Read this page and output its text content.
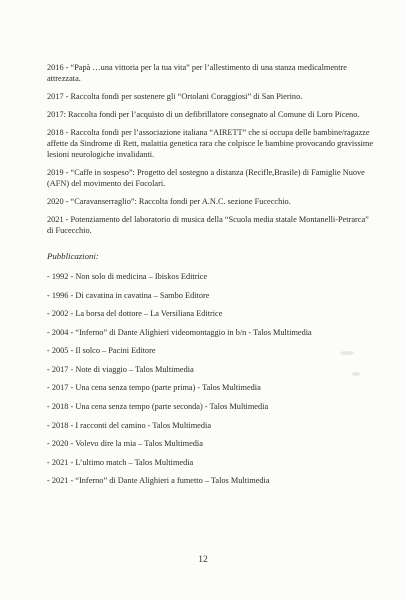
2016 - “Papà …una vittoria per la tua vita” per l’allestimento di una stanza medicalmentre attrezzata.

2017 - Raccolta fondi per sostenere gli “Ortolani Coraggiosi” di San Pierino.

2017: Raccolta fondi per l’acquisto di un defibrillatore consegnato al Comune di Loro Piceno.

2018 - Raccolta fondi per l’associazione italiana “AIRETT” che si occupa delle bambine/ragazze affette da Sindrome di Rett, malattia genetica rara che colpisce le bambine provocando gravissime lesioni neurologiche invalidanti.

2019 - “Caffe in sospeso”: Progetto del sostegno a distanza (Recifle,Brasile) di Famiglie Nuove (AFN) del movimento dei Focolari.

2020 - “Caravanserraglio”: Raccolta fondi per A.N.C. sezione Fucecchio.

2021 - Potenziamento del laboratorio di musica della “Scuola media statale Montanelli-Petrarca” di Fucecchio.

Pubblicazioni:

- 1992 - Non solo di medicina – Ibiskos Editrice

- 1996 - Di cavatina in cavatina – Sambo Editore

- 2002 - La borsa del dottore – La Versiliana Editrice

- 2004 - “Inferno” di Dante Alighieri videomontaggio in b/n - Talos Multimedia

- 2005 - Il solco – Pacini Editore

- 2017 - Note di viaggio – Talos Multimedia

- 2017 - Una cena senza tempo (parte prima) - Talos Multimedia

- 2018 - Una cena senza tempo (parte seconda) - Talos Multimedia

- 2018 - I racconti del camino - Talos Multimedia

- 2020 - Volevo dire la mia – Talos Multimedia

- 2021 - L’ultimo match – Talos Multimedia

- 2021 - “Inferno” di Dante Alighieri a fumetto – Talos Multimedia

12
